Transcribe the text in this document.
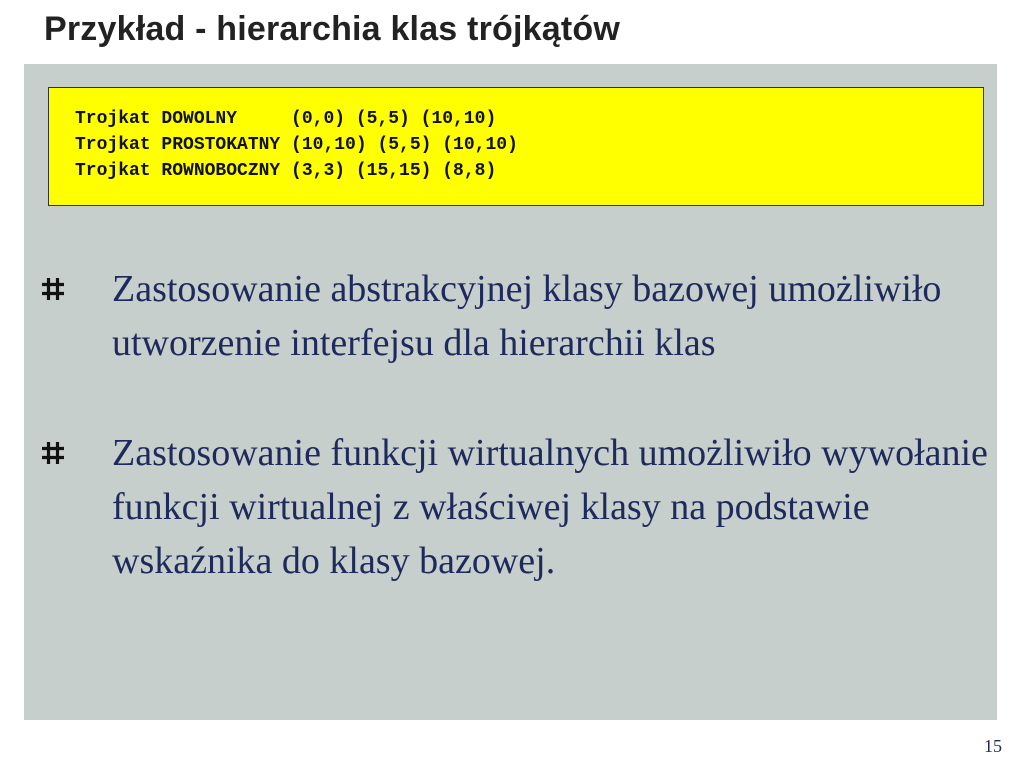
Przykład - hierarchia klas trójkątów
Trojkat DOWOLNY     (0,0) (5,5) (10,10)
Trojkat PROSTOKATNY (10,10) (5,5) (10,10)
Trojkat ROWNOBOCZNY (3,3) (15,15) (8,8)
Zastosowanie abstrakcyjnej klasy bazowej umożliwiło utworzenie interfejsu dla hierarchii klas
Zastosowanie funkcji wirtualnych umożliwiło wywołanie funkcji wirtualnej z właściwej klasy na podstawie wskaźnika do klasy bazowej.
15
